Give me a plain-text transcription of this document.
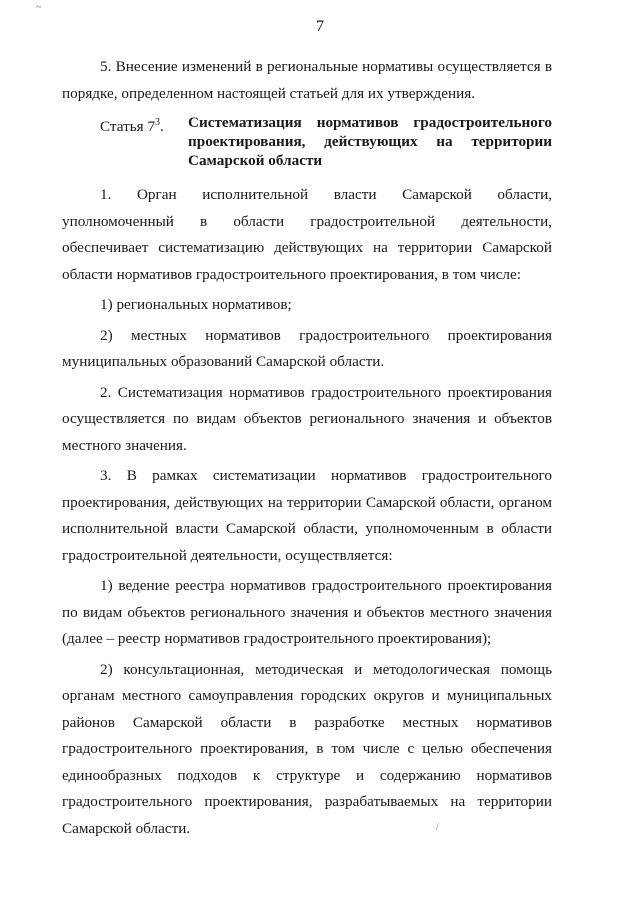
~
/
7

5. Внесение изменений в региональные нормативы осуществляется в порядке, определенном настоящей статьей для их утверждения.

Статья $7^3$.	Систематизация нормативов градостроительного проектирования, действующих на территории Самарской области

1. Орган исполнительной власти Самарской области, уполномоченный в области градостроительной деятельности, обеспечивает систематизацию действующих на территории Самарской области нормативов градостроительного проектирования, в том числе:

1) региональных нормативов;

2) местных нормативов градостроительного проектирования муниципальных образований Самарской области.

2. Систематизация нормативов градостроительного проектирования осуществляется по видам объектов регионального значения и объектов местного значения.

3. В рамках систематизации нормативов градостроительного проектирования, действующих на территории Самарской области, органом исполнительной власти Самарской области, уполномоченным в области градостроительной деятельности, осуществляется:

1) ведение реестра нормативов градостроительного проектирования по видам объектов регионального значения и объектов местного значения (далее – реестр нормативов градостроительного проектирования);

2) консультационная, методическая и методологическая помощь органам местного самоуправления городских округов и муниципальных районов Самарской области в разработке местных нормативов градостроительного проектирования, в том числе с целью обеспечения единообразных подходов к структуре и содержанию нормативов градостроительного проектирования, разрабатываемых на территории Самарской области.
